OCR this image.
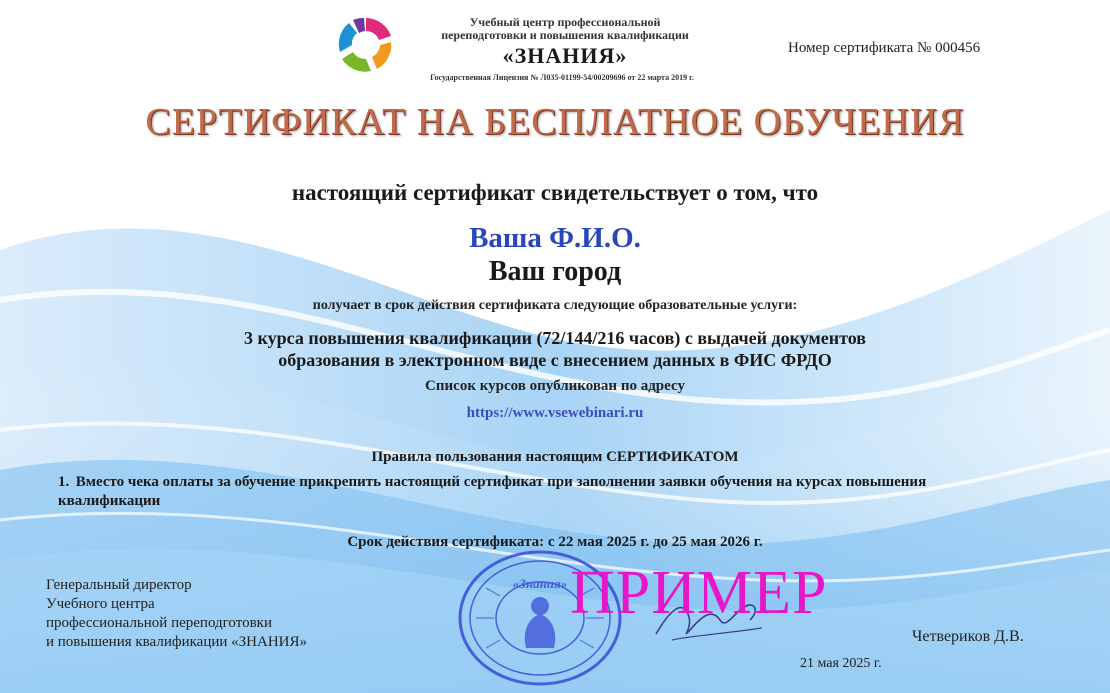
Учебный центр профессиональной
переподготовки и повышения квалификации
«ЗНАНИЯ»
Государственная Лицензия № Л035-01199-54/00209696 от 22 марта 2019 г.
Номер сертификата № 000456
СЕРТИФИКАТ НА БЕСПЛАТНОЕ ОБУЧЕНИЯ
настоящий сертификат свидетельствует о том, что
Ваша Ф.И.О.
Ваш город
получает в срок действия сертификата следующие образовательные услуги:
3 курса повышения квалификации (72/144/216 часов) с выдачей документов
образования в электронном виде с внесением данных в ФИС ФРДО
Список курсов опубликован по адресу
https://www.vsewebinari.ru
Правила пользования настоящим СЕРТИФИКАТОМ
1. Вместо чека оплаты за обучение прикрепить настоящий сертификат при заполнении заявки обучения на курсах повышения квалификации
Срок действия сертификата: с 22 мая 2025 г. до 25 мая 2026 г.
Генеральный директор
Учебного центра
профессиональной переподготовки
и повышения квалификации «ЗНАНИЯ»
«Знания» ПРИМЕР
Четвериков Д.В.
21 мая 2025 г.
